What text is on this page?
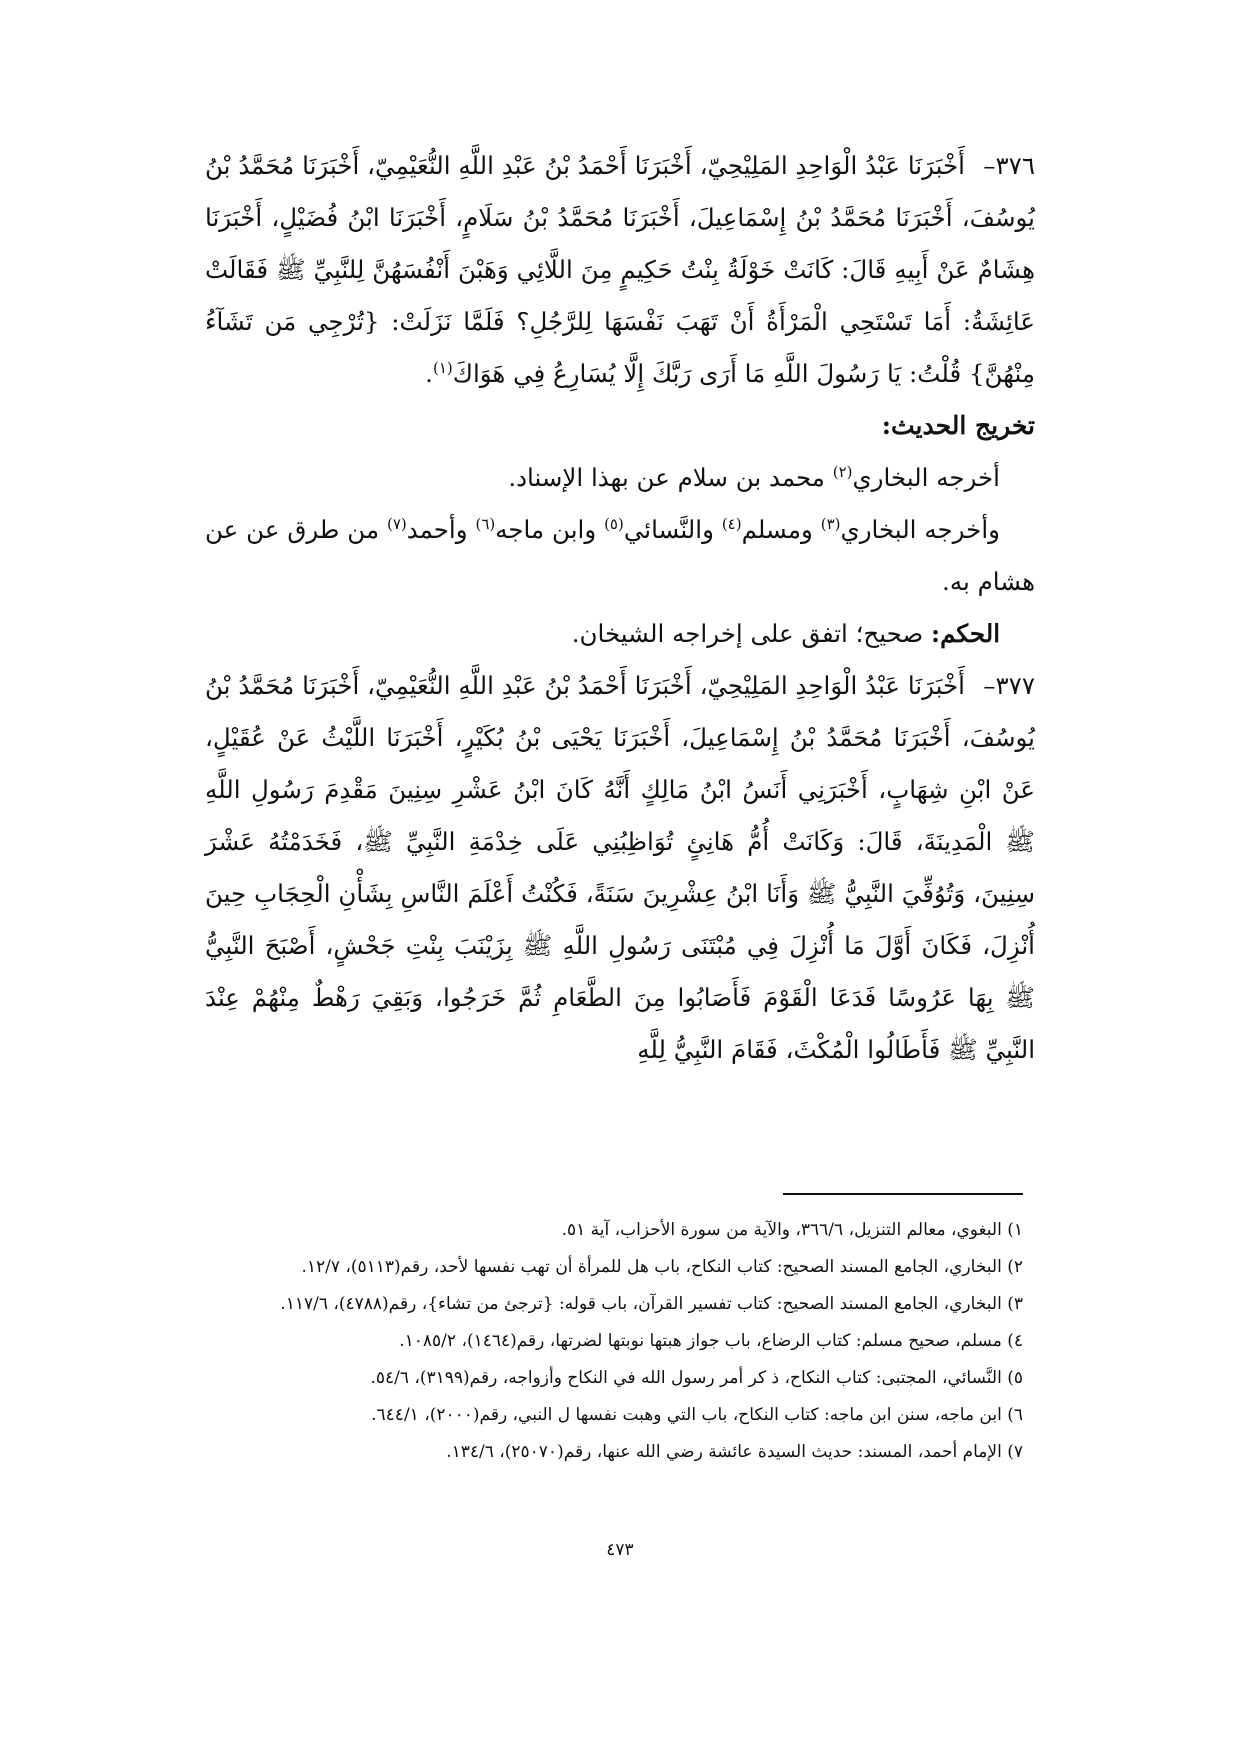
٣٧٦–أَخْبَرَنَا عَبْدُ الْوَاحِدِ المَلِيْحِيّ، أَخْبَرَنَا أَحْمَدُ بْنُ عَبْدِ اللَّهِ النُّعَيْمِيّ، أَخْبَرَنَا مُحَمَّدُ بْنُ يُوسُفَ، أَخْبَرَنَا مُحَمَّدُ بْنُ إِسْمَاعِيلَ، أَخْبَرَنَا مُحَمَّدُ بْنُ سَلَامٍ، أَخْبَرَنَا ابْنُ فُضَيْلٍ، أَخْبَرَنَا هِشَامٌ عَنْ أَبِيهِ قَالَ: كَانَتْ خَوْلَةُ بِنْتُ حَكِيمٍ مِنَ اللَّائِي وَهَبْنَ أَنْفُسَهُنَّ لِلنَّبِيِّ ﷺ فَقَالَتْ عَائِشَةُ: أَمَا تَسْتَحِي الْمَرْأَةُ أَنْ تَهَبَ نَفْسَهَا لِلرَّجُلِ؟ فَلَمَّا نَزَلَتْ: {تُرْجِي مَن تَشَآءُ مِنْهُنَّ} قُلْتُ: يَا رَسُولَ اللَّهِ مَا أَرَى رَبَّكَ إِلَّا يُسَارِعُ فِي هَوَاكَ$^{(١)}$.

تخريج الحديث:

أخرجه البخاري$^{(٢)}$ محمد بن سلام عن بهذا الإسناد.

وأخرجه البخاري$^{(٣)}$ ومسلم$^{(٤)}$ والنَّسائي$^{(٥)}$ وابن ماجه$^{(٦)}$ وأحمد$^{(٧)}$ من طرق عن عن هشام به.

الحكم: صحيح؛ اتفق على إخراجه الشيخان.

٣٧٧–أَخْبَرَنَا عَبْدُ الْوَاحِدِ المَلِيْحِيّ، أَخْبَرَنَا أَحْمَدُ بْنُ عَبْدِ اللَّهِ النُّعَيْمِيّ، أَخْبَرَنَا مُحَمَّدُ بْنُ يُوسُفَ، أَخْبَرَنَا مُحَمَّدُ بْنُ إِسْمَاعِيلَ، أَخْبَرَنَا يَحْيَى بْنُ بُكَيْرٍ، أَخْبَرَنَا اللَّيْثُ عَنْ عُقَيْلٍ، عَنْ ابْنِ شِهَابٍ، أَخْبَرَنِي أَنَسُ ابْنُ مَالِكٍ أَنَّهُ كَانَ ابْنُ عَشْرِ سِنِينَ مَقْدِمَ رَسُولِ اللَّهِ ﷺ الْمَدِينَةَ، قَالَ: وَكَانَتْ أُمُّ هَانِئٍ تُوَاظِبُنِي عَلَى خِدْمَةِ النَّبِيِّ ﷺ، فَخَدَمْتُهُ عَشْرَ سِنِينَ، وَتُوُفِّيَ النَّبِيُّ ﷺ وَأَنَا ابْنُ عِشْرِينَ سَنَةً، فَكُنْتُ أَعْلَمَ النَّاسِ بِشَأْنِ الْحِجَابِ حِينَ أُنْزِلَ، فَكَانَ أَوَّلَ مَا أُنْزِلَ فِي مُبْتَنَى رَسُولِ اللَّهِ ﷺ بِزَيْنَبَ بِنْتِ جَحْشٍ، أَصْبَحَ النَّبِيُّ ﷺ بِهَا عَرُوسًا فَدَعَا الْقَوْمَ فَأَصَابُوا مِنَ الطَّعَامِ ثُمَّ خَرَجُوا، وَبَقِيَ رَهْطٌ مِنْهُمْ عِنْدَ النَّبِيِّ ﷺ فَأَطَالُوا الْمُكْثَ، فَقَامَ النَّبِيُّ لِلَّهِ

١) البغوي، معالم التنزيل، ٣٦٦/٦، والآية من سورة الأحزاب، آية ٥١.

٢) البخاري، الجامع المسند الصحيح: كتاب النكاح، باب هل للمرأة أن تهب نفسها لأحد، رقم(٥١١٣)، ١٢/٧.

٣) البخاري، الجامع المسند الصحيح: كتاب تفسير القرآن، باب قوله: {ترجئ من تشاء}، رقم(٤٧٨٨)، ١١٧/٦.

٤) مسلم، صحيح مسلم: كتاب الرضاع، باب جواز هبتها نوبتها لضرتها، رقم(١٤٦٤)، ١٠٨٥/٢.

٥) النَّسائي، المجتبى: كتاب النكاح، ذ كر أمر رسول الله في النكاح وأزواجه، رقم(٣١٩٩)، ٥٤/٦.

٦) ابن ماجه، سنن ابن ماجه: كتاب النكاح، باب التي وهبت نفسها ل النبي، رقم(٢٠٠٠)، ٦٤٤/١.

٧) الإمام أحمد، المسند: حديث السيدة عائشة رضي الله عنها، رقم(٢٥٠٧٠)، ١٣٤/٦.

٤٧٣
